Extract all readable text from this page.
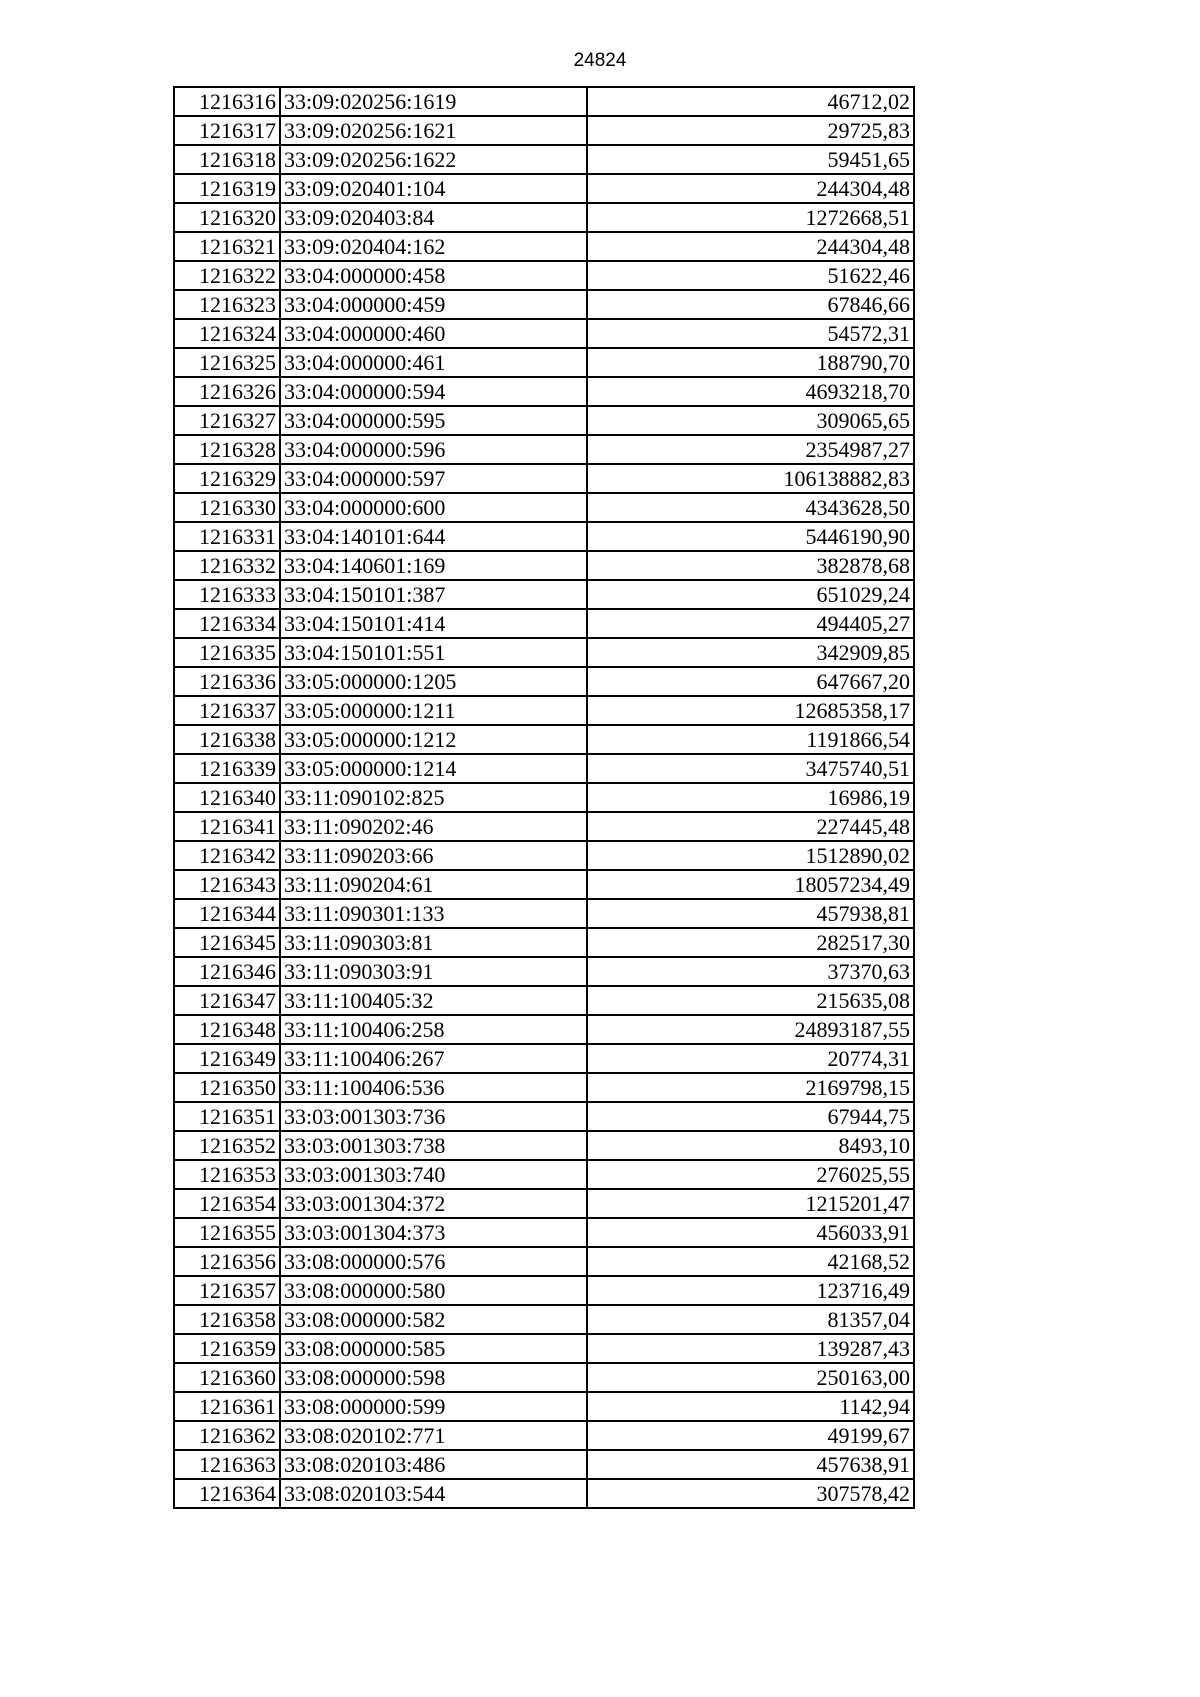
24824
1216316	33:09:020256:1619	46712,02
1216317	33:09:020256:1621	29725,83
1216318	33:09:020256:1622	59451,65
1216319	33:09:020401:104	244304,48
1216320	33:09:020403:84	1272668,51
1216321	33:09:020404:162	244304,48
1216322	33:04:000000:458	51622,46
1216323	33:04:000000:459	67846,66
1216324	33:04:000000:460	54572,31
1216325	33:04:000000:461	188790,70
1216326	33:04:000000:594	4693218,70
1216327	33:04:000000:595	309065,65
1216328	33:04:000000:596	2354987,27
1216329	33:04:000000:597	106138882,83
1216330	33:04:000000:600	4343628,50
1216331	33:04:140101:644	5446190,90
1216332	33:04:140601:169	382878,68
1216333	33:04:150101:387	651029,24
1216334	33:04:150101:414	494405,27
1216335	33:04:150101:551	342909,85
1216336	33:05:000000:1205	647667,20
1216337	33:05:000000:1211	12685358,17
1216338	33:05:000000:1212	1191866,54
1216339	33:05:000000:1214	3475740,51
1216340	33:11:090102:825	16986,19
1216341	33:11:090202:46	227445,48
1216342	33:11:090203:66	1512890,02
1216343	33:11:090204:61	18057234,49
1216344	33:11:090301:133	457938,81
1216345	33:11:090303:81	282517,30
1216346	33:11:090303:91	37370,63
1216347	33:11:100405:32	215635,08
1216348	33:11:100406:258	24893187,55
1216349	33:11:100406:267	20774,31
1216350	33:11:100406:536	2169798,15
1216351	33:03:001303:736	67944,75
1216352	33:03:001303:738	8493,10
1216353	33:03:001303:740	276025,55
1216354	33:03:001304:372	1215201,47
1216355	33:03:001304:373	456033,91
1216356	33:08:000000:576	42168,52
1216357	33:08:000000:580	123716,49
1216358	33:08:000000:582	81357,04
1216359	33:08:000000:585	139287,43
1216360	33:08:000000:598	250163,00
1216361	33:08:000000:599	1142,94
1216362	33:08:020102:771	49199,67
1216363	33:08:020103:486	457638,91
1216364	33:08:020103:544	307578,42
